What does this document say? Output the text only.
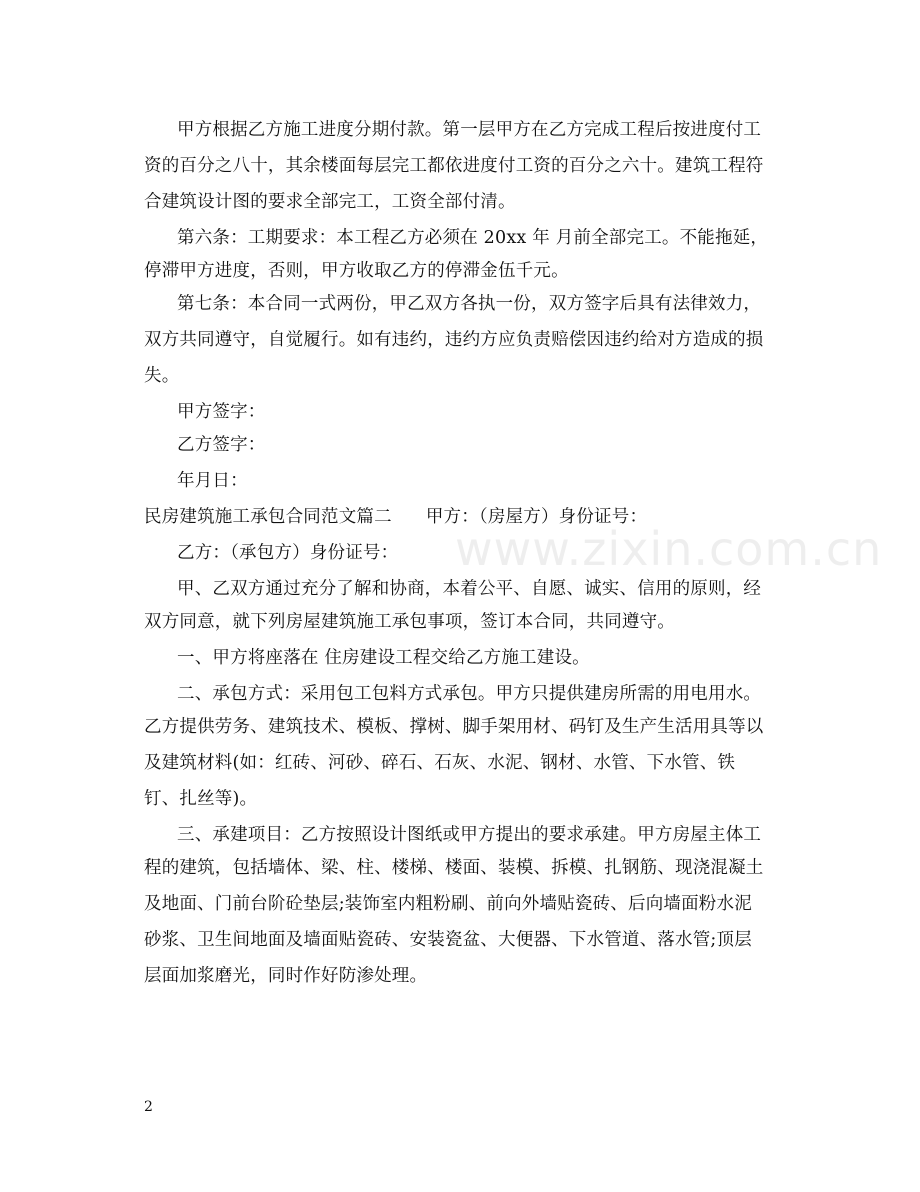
甲方根据乙方施工进度分期付款。第一层甲方在乙方完成工程后按进度付工
资的百分之八十，其余楼面每层完工都依进度付工资的百分之六十。建筑工程符
合建筑设计图的要求全部完工，工资全部付清。
第六条：工期要求：本工程乙方必须在 20xx 年 月前全部完工。不能拖延，
停滞甲方进度，否则，甲方收取乙方的停滞金伍千元。
第七条：本合同一式两份，甲乙双方各执一份，双方签字后具有法律效力，
双方共同遵守，自觉履行。如有违约，违约方应负责赔偿因违约给对方造成的损
失。
甲方签字：
乙方签字：
年月日：
民房建筑施工承包合同范文篇二 甲方：（房屋方）身份证号：
乙方：（承包方）身份证号：
甲、乙双方通过充分了解和协商，本着公平、自愿、诚实、信用的原则，经
双方同意，就下列房屋建筑施工承包事项，签订本合同，共同遵守。
一、甲方将座落在 住房建设工程交给乙方施工建设。
二、承包方式：采用包工包料方式承包。甲方只提供建房所需的用电用水。
乙方提供劳务、建筑技术、模板、撑树、脚手架用材、码钉及生产生活用具等以
及建筑材料(如：红砖、河砂、碎石、石灰、水泥、钢材、水管、下水管、铁
钉、扎丝等)。
三、承建项目：乙方按照设计图纸或甲方提出的要求承建。甲方房屋主体工
程的建筑，包括墙体、梁、柱、楼梯、楼面、装模、拆模、扎钢筋、现浇混凝土
及地面、门前台阶砼垫层;装饰室内粗粉刷、前向外墙贴瓷砖、后向墙面粉水泥
砂浆、卫生间地面及墙面贴瓷砖、安装瓷盆、大便器、下水管道、落水管;顶层
层面加浆磨光，同时作好防渗处理。
www.zixin.com.cn
2
